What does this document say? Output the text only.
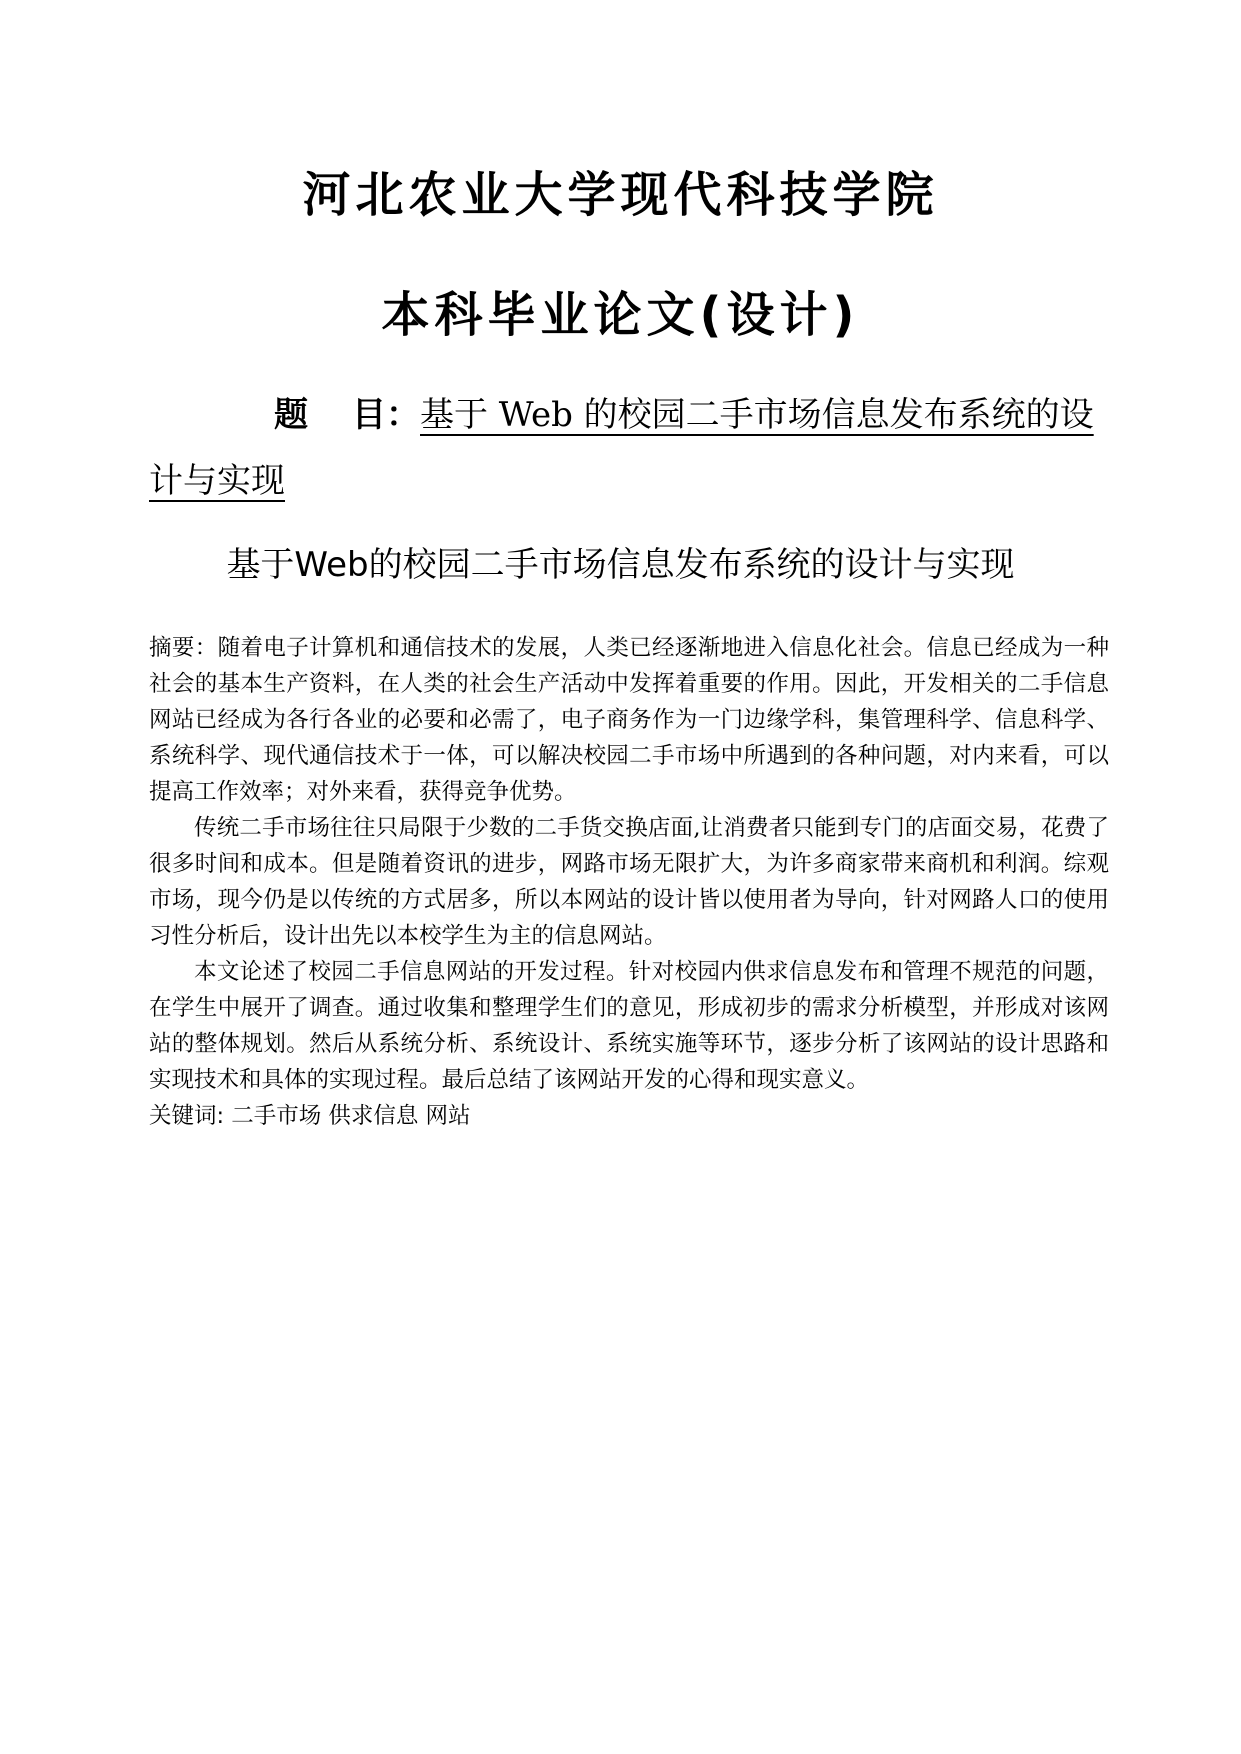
河北农业大学现代科技学院
本科毕业论文(设计)
题 目：基于 Web 的校园二手市场信息发布系统的设计与实现
基于Web的校园二手市场信息发布系统的设计与实现

摘要：随着电子计算机和通信技术的发展，人类已经逐渐地进入信息化社会。信息已经成为一种社会的基本生产资料，在人类的社会生产活动中发挥着重要的作用。因此，开发相关的二手信息网站已经成为各行各业的必要和必需了，电子商务作为一门边缘学科，集管理科学、信息科学、系统科学、现代通信技术于一体，可以解决校园二手市场中所遇到的各种问题，对内来看，可以提高工作效率；对外来看，获得竞争优势。

传统二手市场往往只局限于少数的二手货交换店面,让消费者只能到专门的店面交易，花费了很多时间和成本。但是随着资讯的进步，网路市场无限扩大，为许多商家带来商机和利润。综观市场，现今仍是以传统的方式居多，所以本网站的设计皆以使用者为导向，针对网路人口的使用习性分析后，设计出先以本校学生为主的信息网站。

本文论述了校园二手信息网站的开发过程。针对校园内供求信息发布和管理不规范的问题，在学生中展开了调查。通过收集和整理学生们的意见，形成初步的需求分析模型，并形成对该网站的整体规划。然后从系统分析、系统设计、系统实施等环节，逐步分析了该网站的设计思路和实现技术和具体的实现过程。最后总结了该网站开发的心得和现实意义。

关键词: 二手市场 供求信息 网站
